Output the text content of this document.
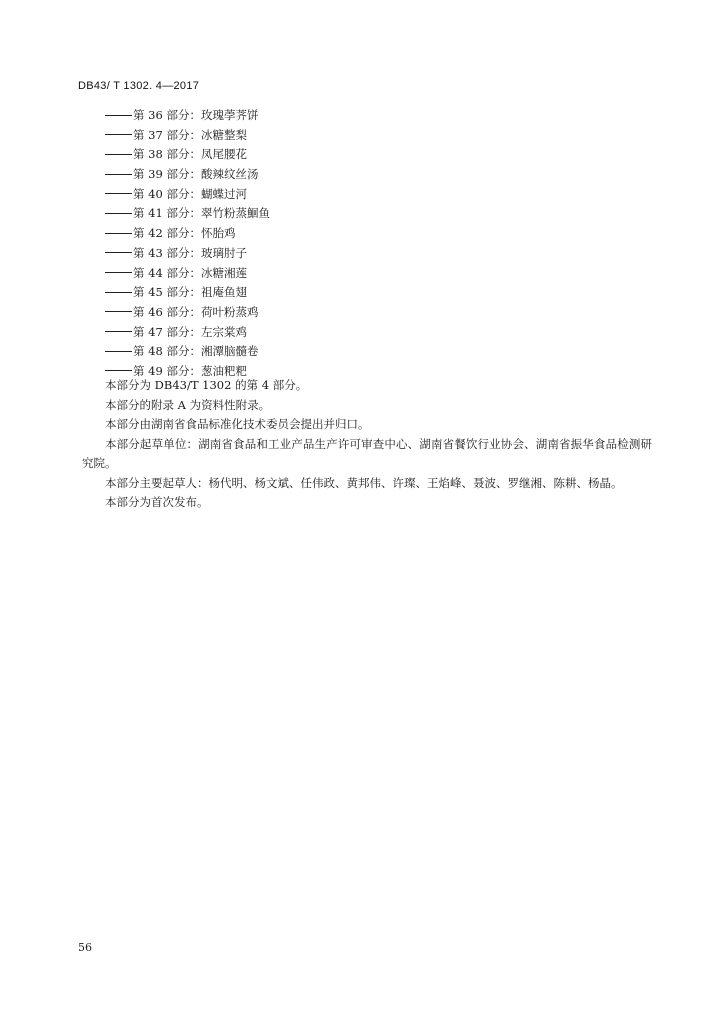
DB43/ T 1302. 4—2017

第 36 部分：玫瑰荸荠饼
第 37 部分：冰糖整梨
第 38 部分：凤尾腰花
第 39 部分：酸辣纹丝汤
第 40 部分：蝴蝶过河
第 41 部分：翠竹粉蒸鮰鱼
第 42 部分：怀胎鸡
第 43 部分：玻璃肘子
第 44 部分：冰糖湘莲
第 45 部分：祖庵鱼翅
第 46 部分：荷叶粉蒸鸡
第 47 部分：左宗棠鸡
第 48 部分：湘潭脑髓卷
第 49 部分：葱油粑粑

本部分为 DB43/T 1302 的第 4 部分。

本部分的附录 A 为资料性附录。

本部分由湖南省食品标准化技术委员会提出并归口。

本部分起草单位：湖南省食品和工业产品生产许可审查中心、湖南省餐饮行业协会、湖南省振华食品检测研究院。

本部分主要起草人：杨代明、杨文斌、任伟政、黄邦伟、许璨、王焰峰、聂波、罗继湘、陈耕、杨晶。

本部分为首次发布。

56
